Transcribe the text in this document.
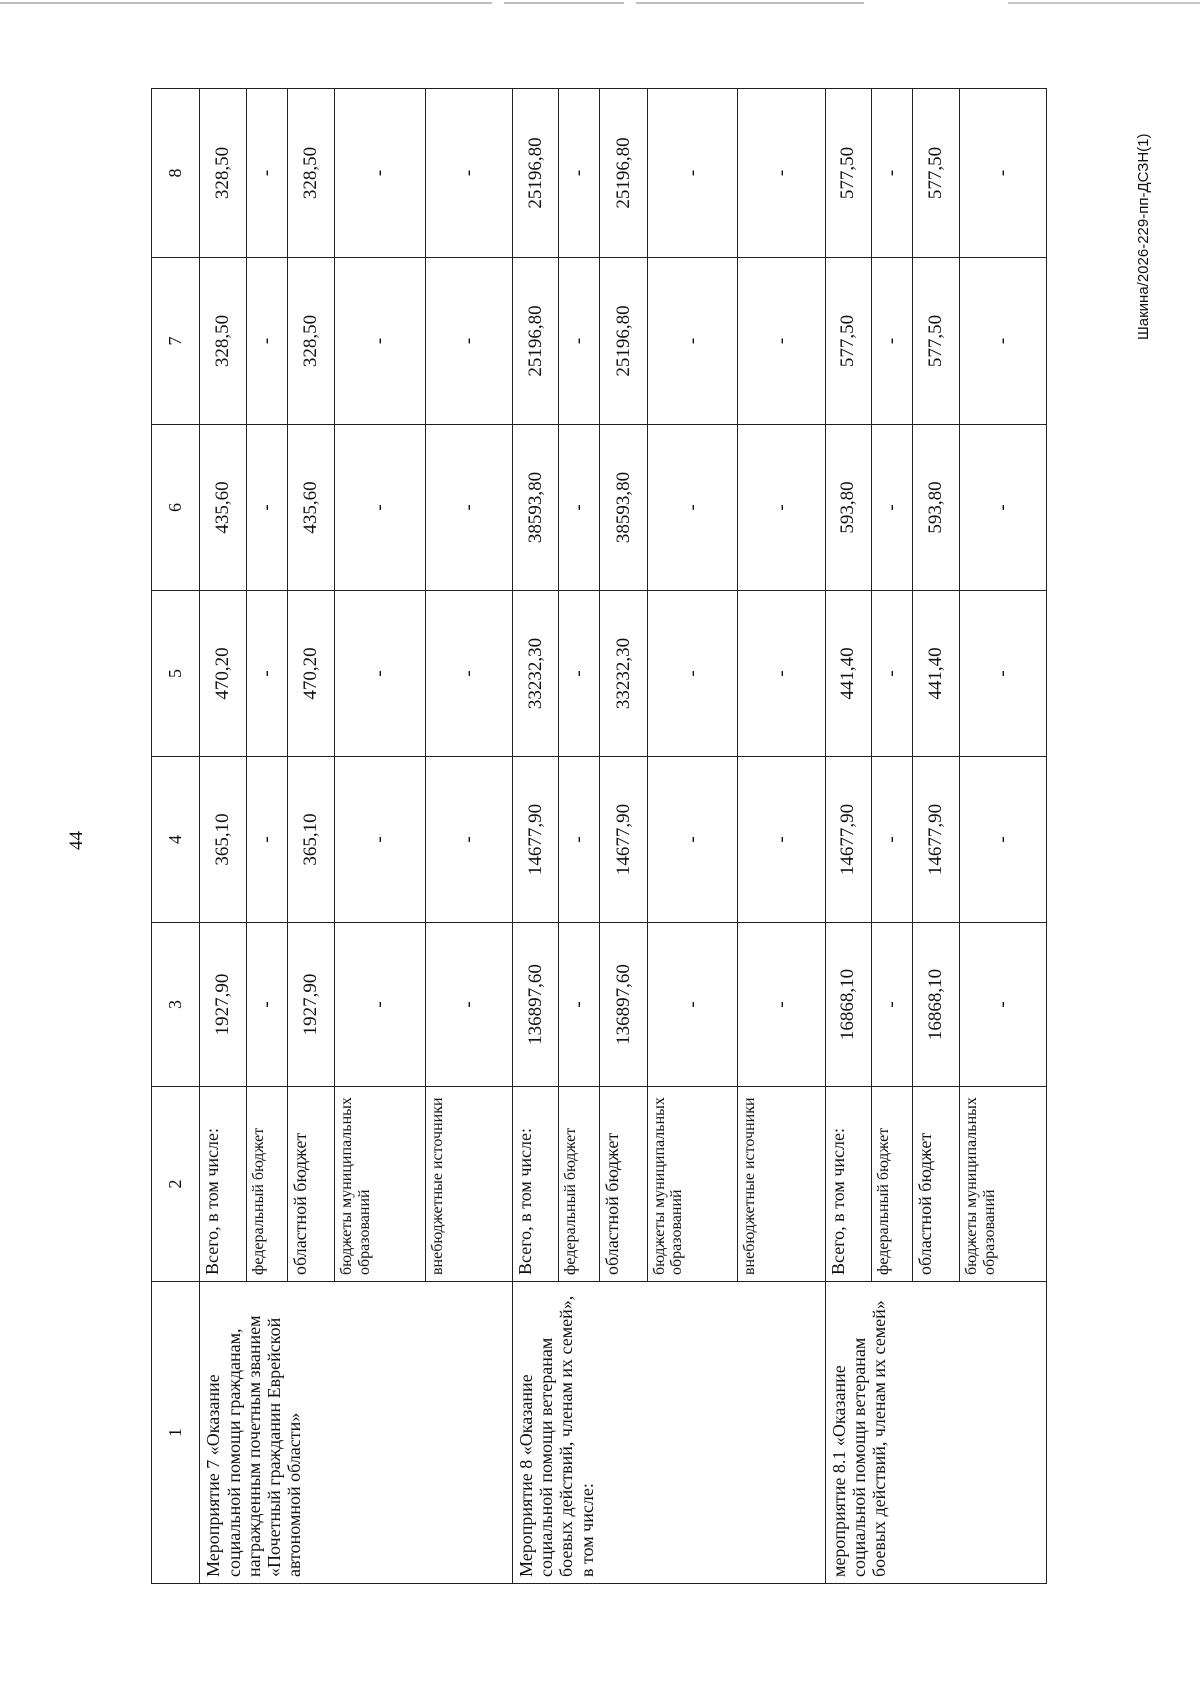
44
1	2	3	4	5	6	7	8
Мероприятие 7 «Оказание социальной помощи гражданам, награжденным почетным званием «Почетный гражданин Еврейской автономной области»	Всего, в том числе:	1927,90	365,10	470,20	435,60	328,50	328,50
	федеральный бюджет	-	-	-	-	-	-
	областной бюджет	1927,90	365,10	470,20	435,60	328,50	328,50
	бюджеты муниципальных образований	-	-	-	-	-	-
	внебюджетные источники	-	-	-	-	-	-
Мероприятие 8 «Оказание социальной помощи ветеранам боевых действий, членам их семей», в том числе:	Всего, в том числе:	136897,60	14677,90	33232,30	38593,80	25196,80	25196,80
	федеральный бюджет	-	-	-	-	-	-
	областной бюджет	136897,60	14677,90	33232,30	38593,80	25196,80	25196,80
	бюджеты муниципальных образований	-	-	-	-	-	-
	внебюджетные источники	-	-	-	-	-	-
мероприятие 8.1 «Оказание социальной помощи ветеранам боевых действий, членам их семей»	Всего, в том числе:	16868,10	14677,90	441,40	593,80	577,50	577,50
	федеральный бюджет	-	-	-	-	-	-
	областной бюджет	16868,10	14677,90	441,40	593,80	577,50	577,50
	бюджеты муниципальных образований	-	-	-	-	-	-	Шакина/2026-229-пп-ДСЗН(1)
